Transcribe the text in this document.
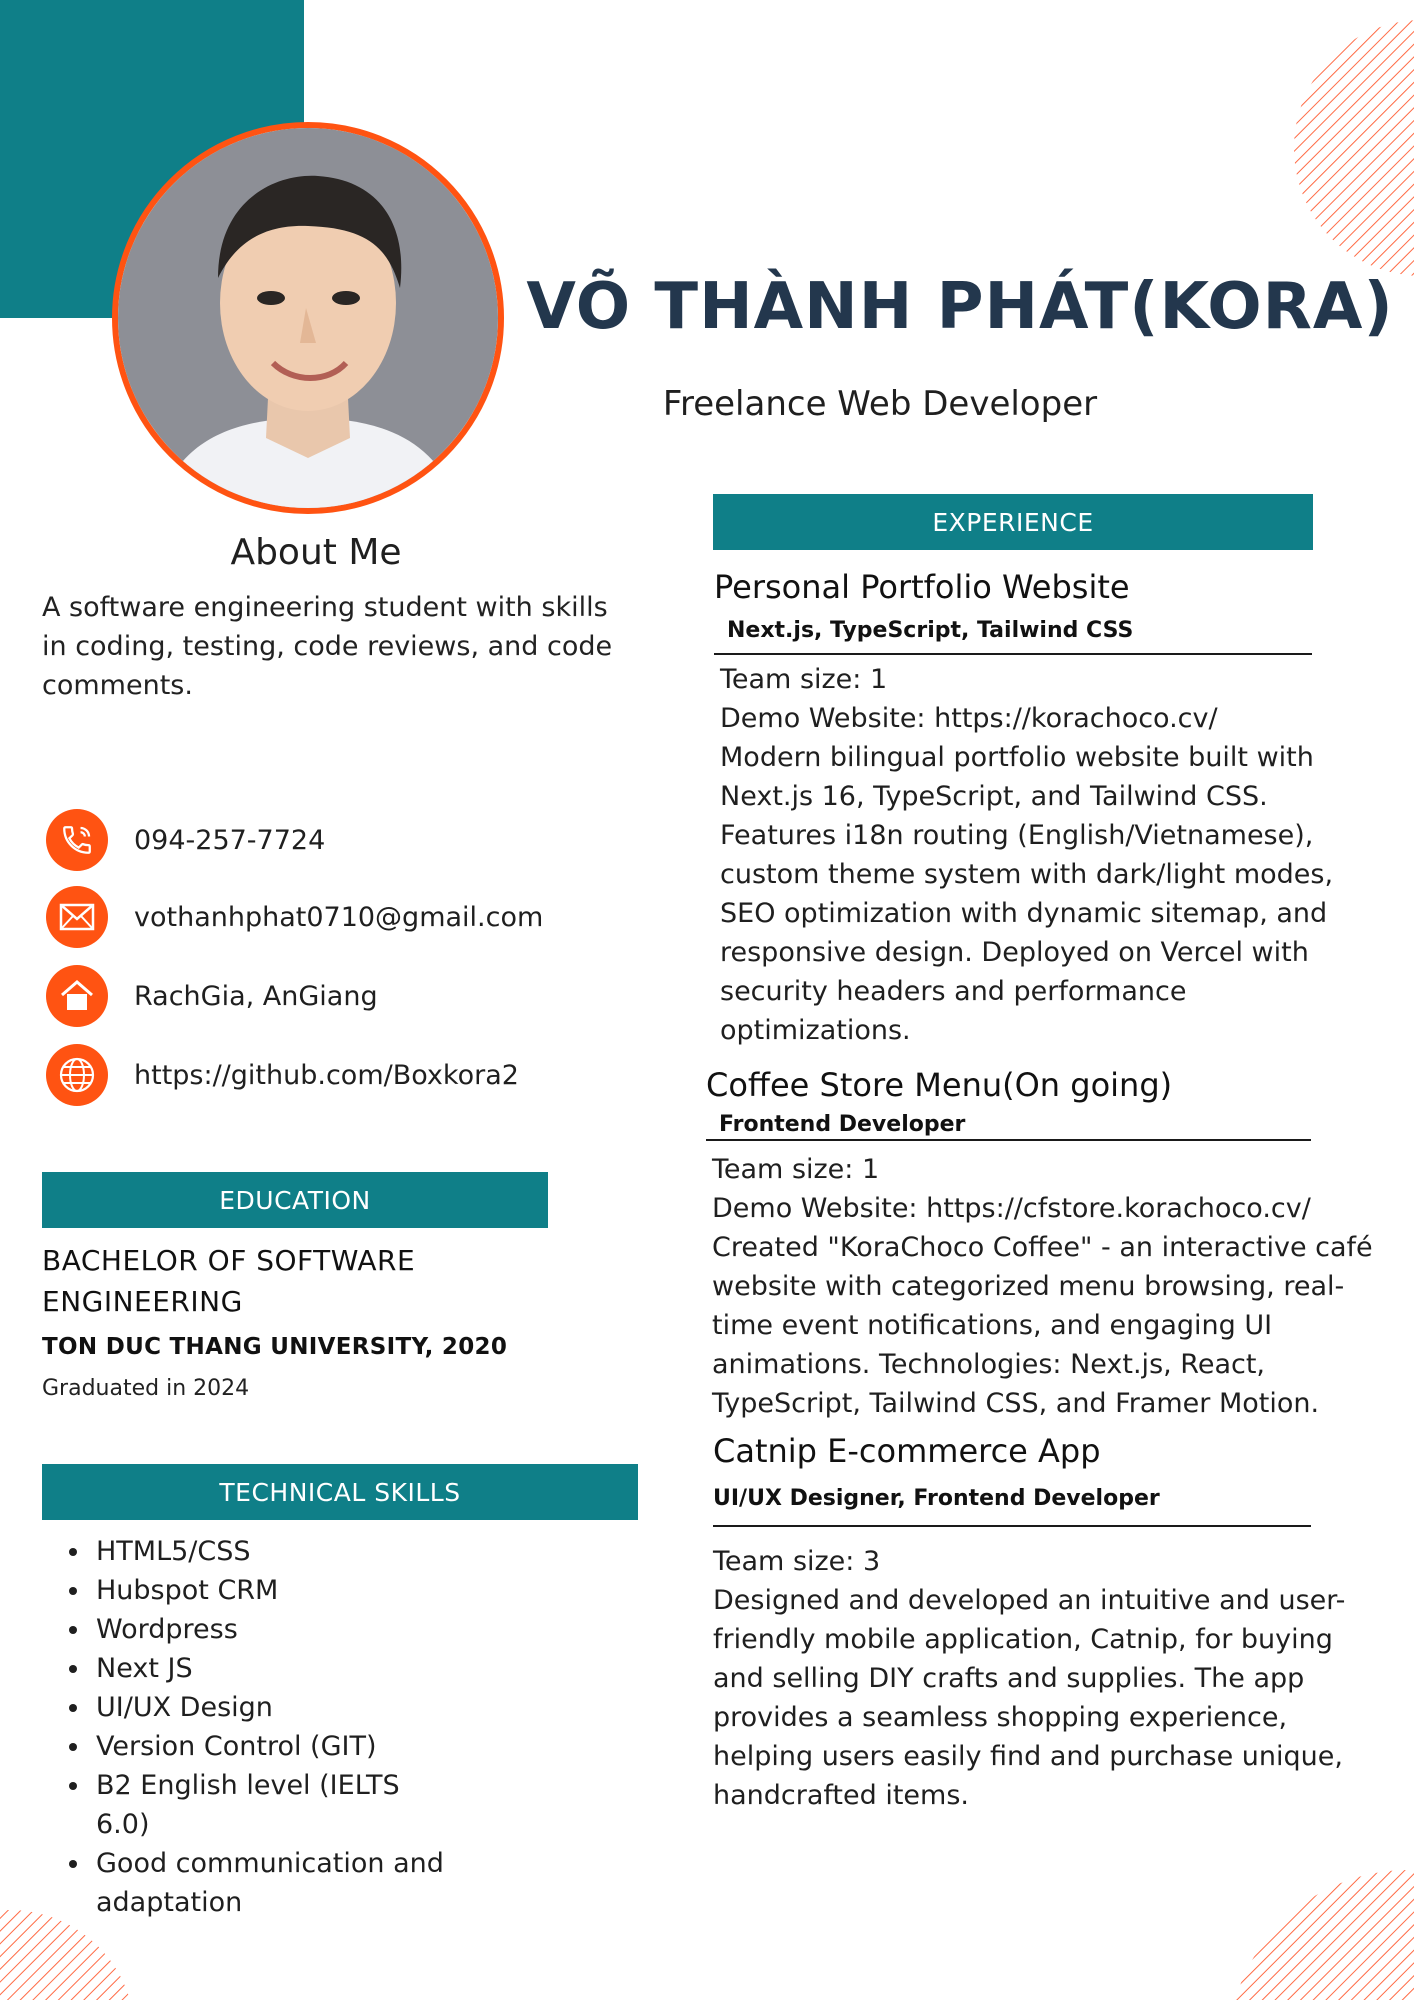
VÕ THÀNH PHÁT(KORA)
Freelance Web Developer
About Me
A software engineering student with skills
in coding, testing, code reviews, and code
comments.
094-257-7724
vothanhphat0710@gmail.com
RachGia, AnGiang
https://github.com/Boxkora2
EDUCATION
BACHELOR OF SOFTWARE
ENGINEERING
TON DUC THANG UNIVERSITY, 2020
Graduated in 2024
TECHNICAL SKILLS
• HTML5/CSS
• Hubspot CRM
• Wordpress
• Next JS
• UI/UX Design
• Version Control (GIT)
• B2 English level (IELTS 6.0)
• Good communication and adaptation
EXPERIENCE
Personal Portfolio Website
Next.js, TypeScript, Tailwind CSS
Team size: 1
Demo Website: https://korachoco.cv/
Modern bilingual portfolio website built with
Next.js 16, TypeScript, and Tailwind CSS.
Features i18n routing (English/Vietnamese),
custom theme system with dark/light modes,
SEO optimization with dynamic sitemap, and
responsive design. Deployed on Vercel with
security headers and performance
optimizations.
Coffee Store Menu(On going)
Frontend Developer
Team size: 1
Demo Website: https://cfstore.korachoco.cv/
Created "KoraChoco Coffee" - an interactive café
website with categorized menu browsing, real-
time event notifications, and engaging UI
animations. Technologies: Next.js, React,
TypeScript, Tailwind CSS, and Framer Motion.
Catnip E-commerce App
UI/UX Designer, Frontend Developer
Team size: 3
Designed and developed an intuitive and user-
friendly mobile application, Catnip, for buying
and selling DIY crafts and supplies. The app
provides a seamless shopping experience,
helping users easily find and purchase unique,
handcrafted items.
